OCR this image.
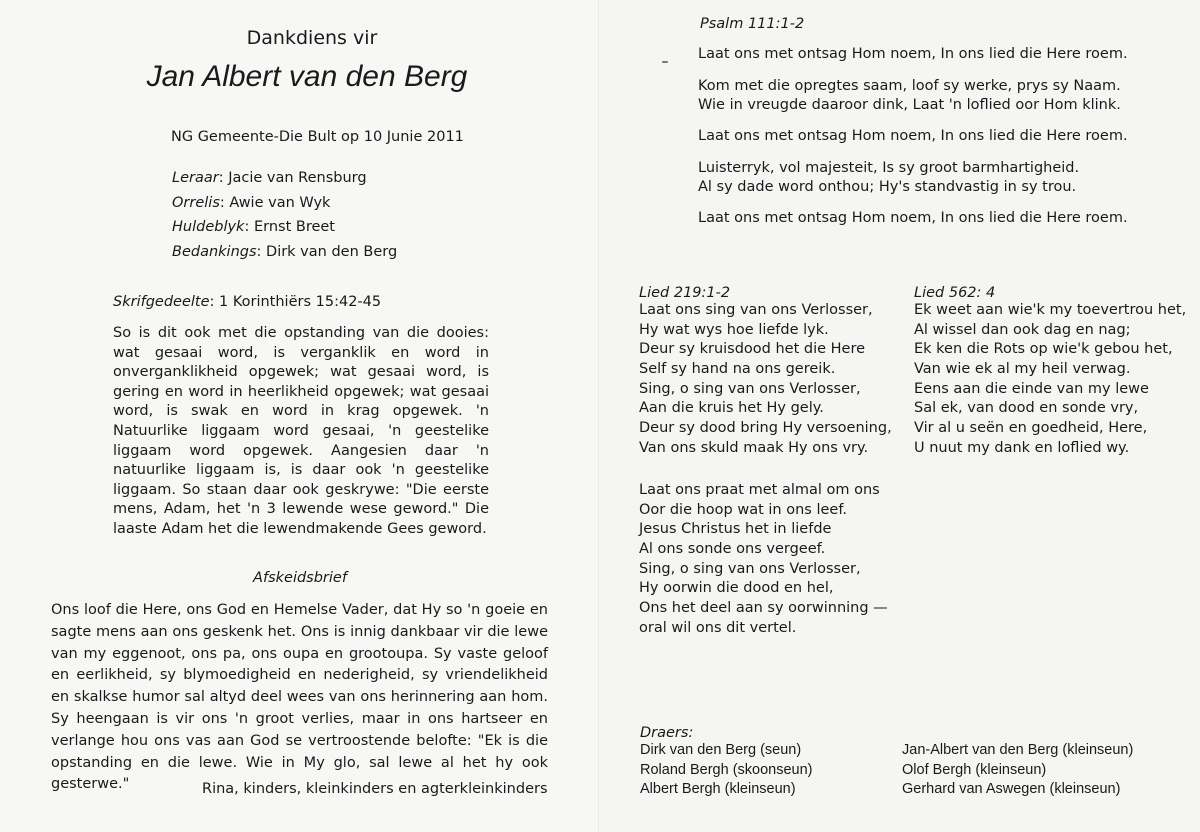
Dankdiens vir
Jan Albert van den Berg
NG Gemeente-Die Bult op 10 Junie 2011
Leraar: Jacie van Rensburg
Orrelis: Awie van Wyk
Huldeblyk: Ernst Breet
Bedankings: Dirk van den Berg
Skrifgedeelte: 1 Korinthiërs 15:42-45
So is dit ook met die opstanding van die dooies: wat gesaai word, is verganklik en word in onverganklikheid opgewek; wat gesaai word, is gering en word in heerlikheid opgewek; wat gesaai word, is swak en word in krag opgewek. 'n Natuurlike liggaam word gesaai, 'n geestelike liggaam word opgewek. Aangesien daar 'n natuurlike liggaam is, is daar ook 'n geestelike liggaam. So staan daar ook geskrywe: "Die eerste mens, Adam, het 'n 3 lewende wese geword." Die laaste Adam het die lewendmakende Gees geword.
Afskeidsbrief
Ons loof die Here, ons God en Hemelse Vader, dat Hy so 'n goeie en sagte mens aan ons geskenk het. Ons is innig dankbaar vir die lewe van my eggenoot, ons pa, ons oupa en grootoupa. Sy vaste geloof en eerlikheid, sy blymoedigheid en nederigheid, sy vriendelikheid en skalkse humor sal altyd deel wees van ons herinnering aan hom. Sy heengaan is vir ons 'n groot verlies, maar in ons hartseer en verlange hou ons vas aan God se vertroostende belofte: "Ek is die opstanding en die lewe. Wie in My glo, sal lewe al het hy ook gesterwe."	Rina, kinders, kleinkinders en agterkleinkinders
Psalm 111:1-2

Laat ons met ontsag Hom noem, In ons lied die Here roem.

Kom met die opregtes saam, loof sy werke, prys sy Naam.

Wie in vreugde daaroor dink, Laat 'n loflied oor Hom klink.

Laat ons met ontsag Hom noem, In ons lied die Here roem.

Luisterryk, vol majesteit, Is sy groot barmhartigheid.

Al sy dade word onthou; Hy's standvastig in sy trou.

Laat ons met ontsag Hom noem, In ons lied die Here roem.

Lied 219:1-2
Laat ons sing van ons Verlosser,
Hy wat wys hoe liefde lyk.
Deur sy kruisdood het die Here
Self sy hand na ons gereik.
Sing, o sing van ons Verlosser,
Aan die kruis het Hy gely.
Deur sy dood bring Hy versoening,
Van ons skuld maak Hy ons vry.
Laat ons praat met almal om ons
Oor die hoop wat in ons leef.
Jesus Christus het in liefde
Al ons sonde ons vergeef.
Sing, o sing van ons Verlosser,
Hy oorwin die dood en hel,
Ons het deel aan sy oorwinning —
oral wil ons dit vertel.
Lied 562: 4
Ek weet aan wie'k my toevertrou het,
Al wissel dan ook dag en nag;
Ek ken die Rots op wie'k gebou het,
Van wie ek al my heil verwag.
Eens aan die einde van my lewe
Sal ek, van dood en sonde vry,
Vir al u seën en goedheid, Here,
U nuut my dank en loflied wy.
Draers:
Dirk van den Berg (seun)
Roland Bergh (skoonseun)
Albert Bergh (kleinseun)
Jan-Albert van den Berg (kleinseun)
Olof Bergh (kleinseun)
Gerhard van Aswegen (kleinseun)
